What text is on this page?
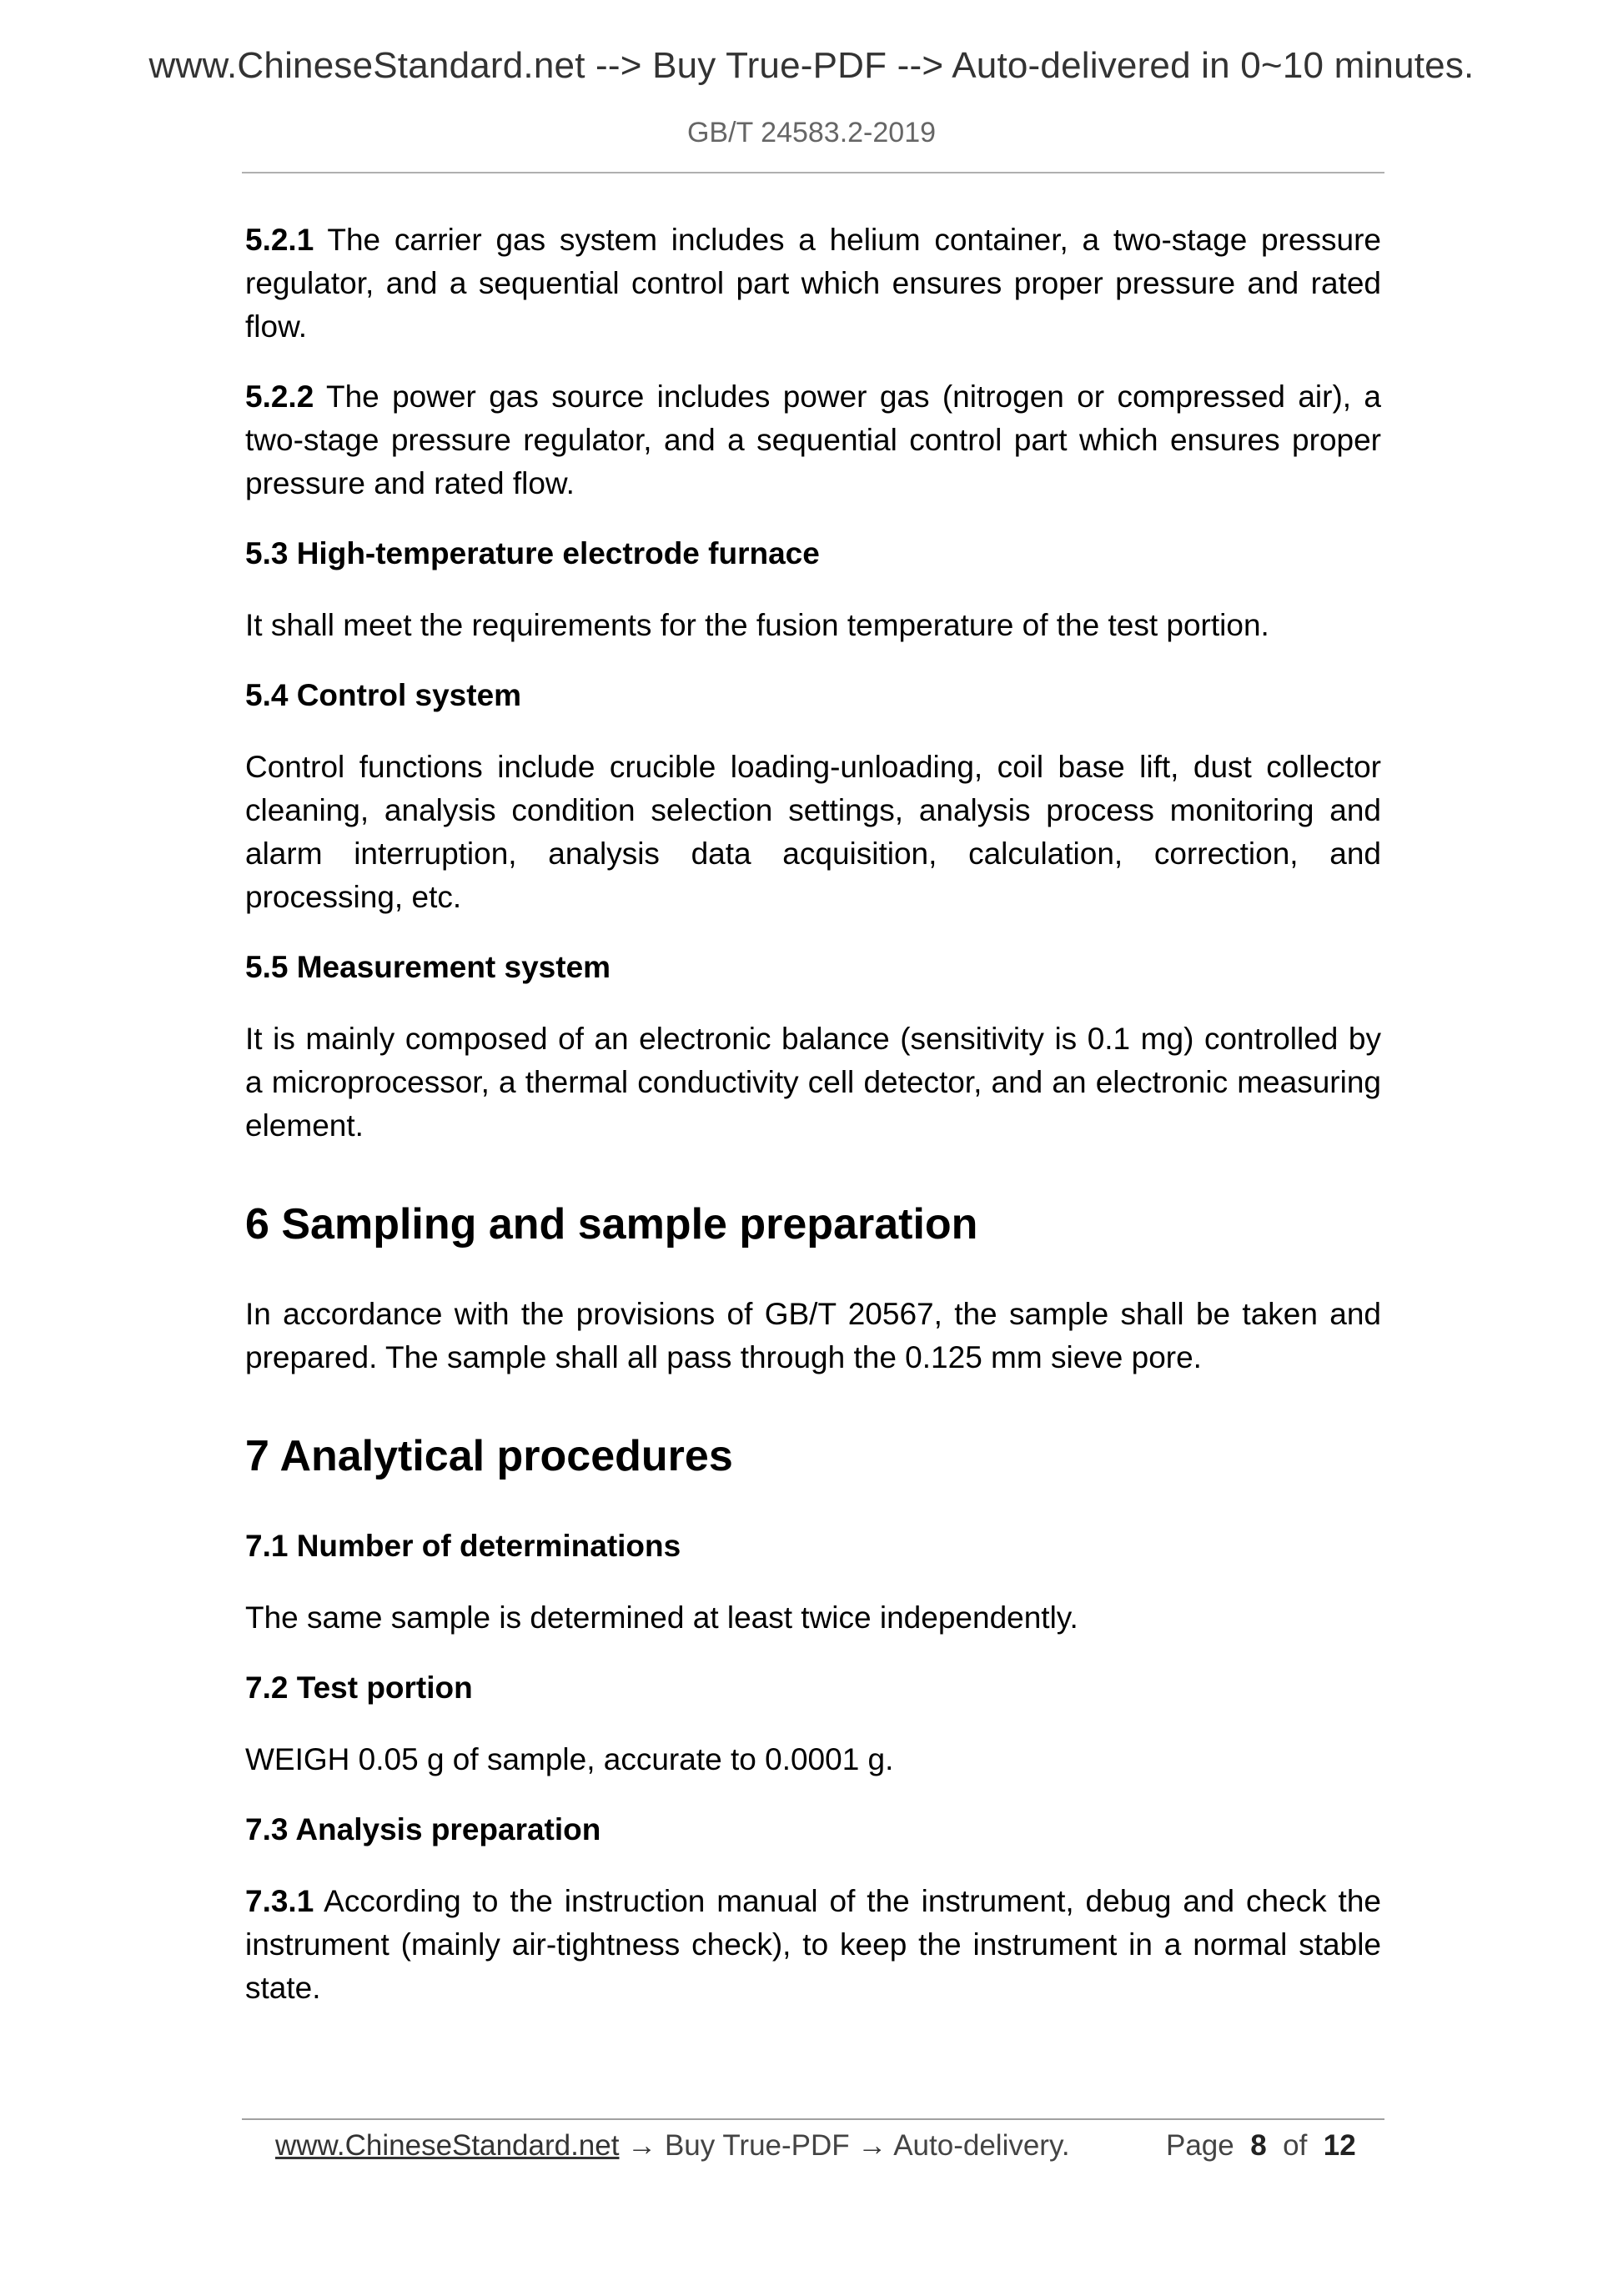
www.ChineseStandard.net --> Buy True-PDF --> Auto-delivered in 0~10 minutes.
GB/T 24583.2-2019

5.2.1 The carrier gas system includes a helium container, a two-stage pressure regulator, and a sequential control part which ensures proper pressure and rated flow.

5.2.2 The power gas source includes power gas (nitrogen or compressed air), a two-stage pressure regulator, and a sequential control part which ensures proper pressure and rated flow.

5.3 High-temperature electrode furnace

It shall meet the requirements for the fusion temperature of the test portion.

5.4 Control system

Control functions include crucible loading-unloading, coil base lift, dust collector cleaning, analysis condition selection settings, analysis process monitoring and alarm interruption, analysis data acquisition, calculation, correction, and processing, etc.

5.5 Measurement system

It is mainly composed of an electronic balance (sensitivity is 0.1 mg) controlled by a microprocessor, a thermal conductivity cell detector, and an electronic measuring element.

6 Sampling and sample preparation

In accordance with the provisions of GB/T 20567, the sample shall be taken and prepared. The sample shall all pass through the 0.125 mm sieve pore.

7 Analytical procedures
7.1 Number of determinations

The same sample is determined at least twice independently.

7.2 Test portion

WEIGH 0.05 g of sample, accurate to 0.0001 g.

7.3 Analysis preparation

7.3.1 According to the instruction manual of the instrument, debug and check the instrument (mainly air-tightness check), to keep the instrument in a normal stable state.

www.ChineseStandard.net → Buy True-PDF → Auto-delivery.	Page 8 of 12
